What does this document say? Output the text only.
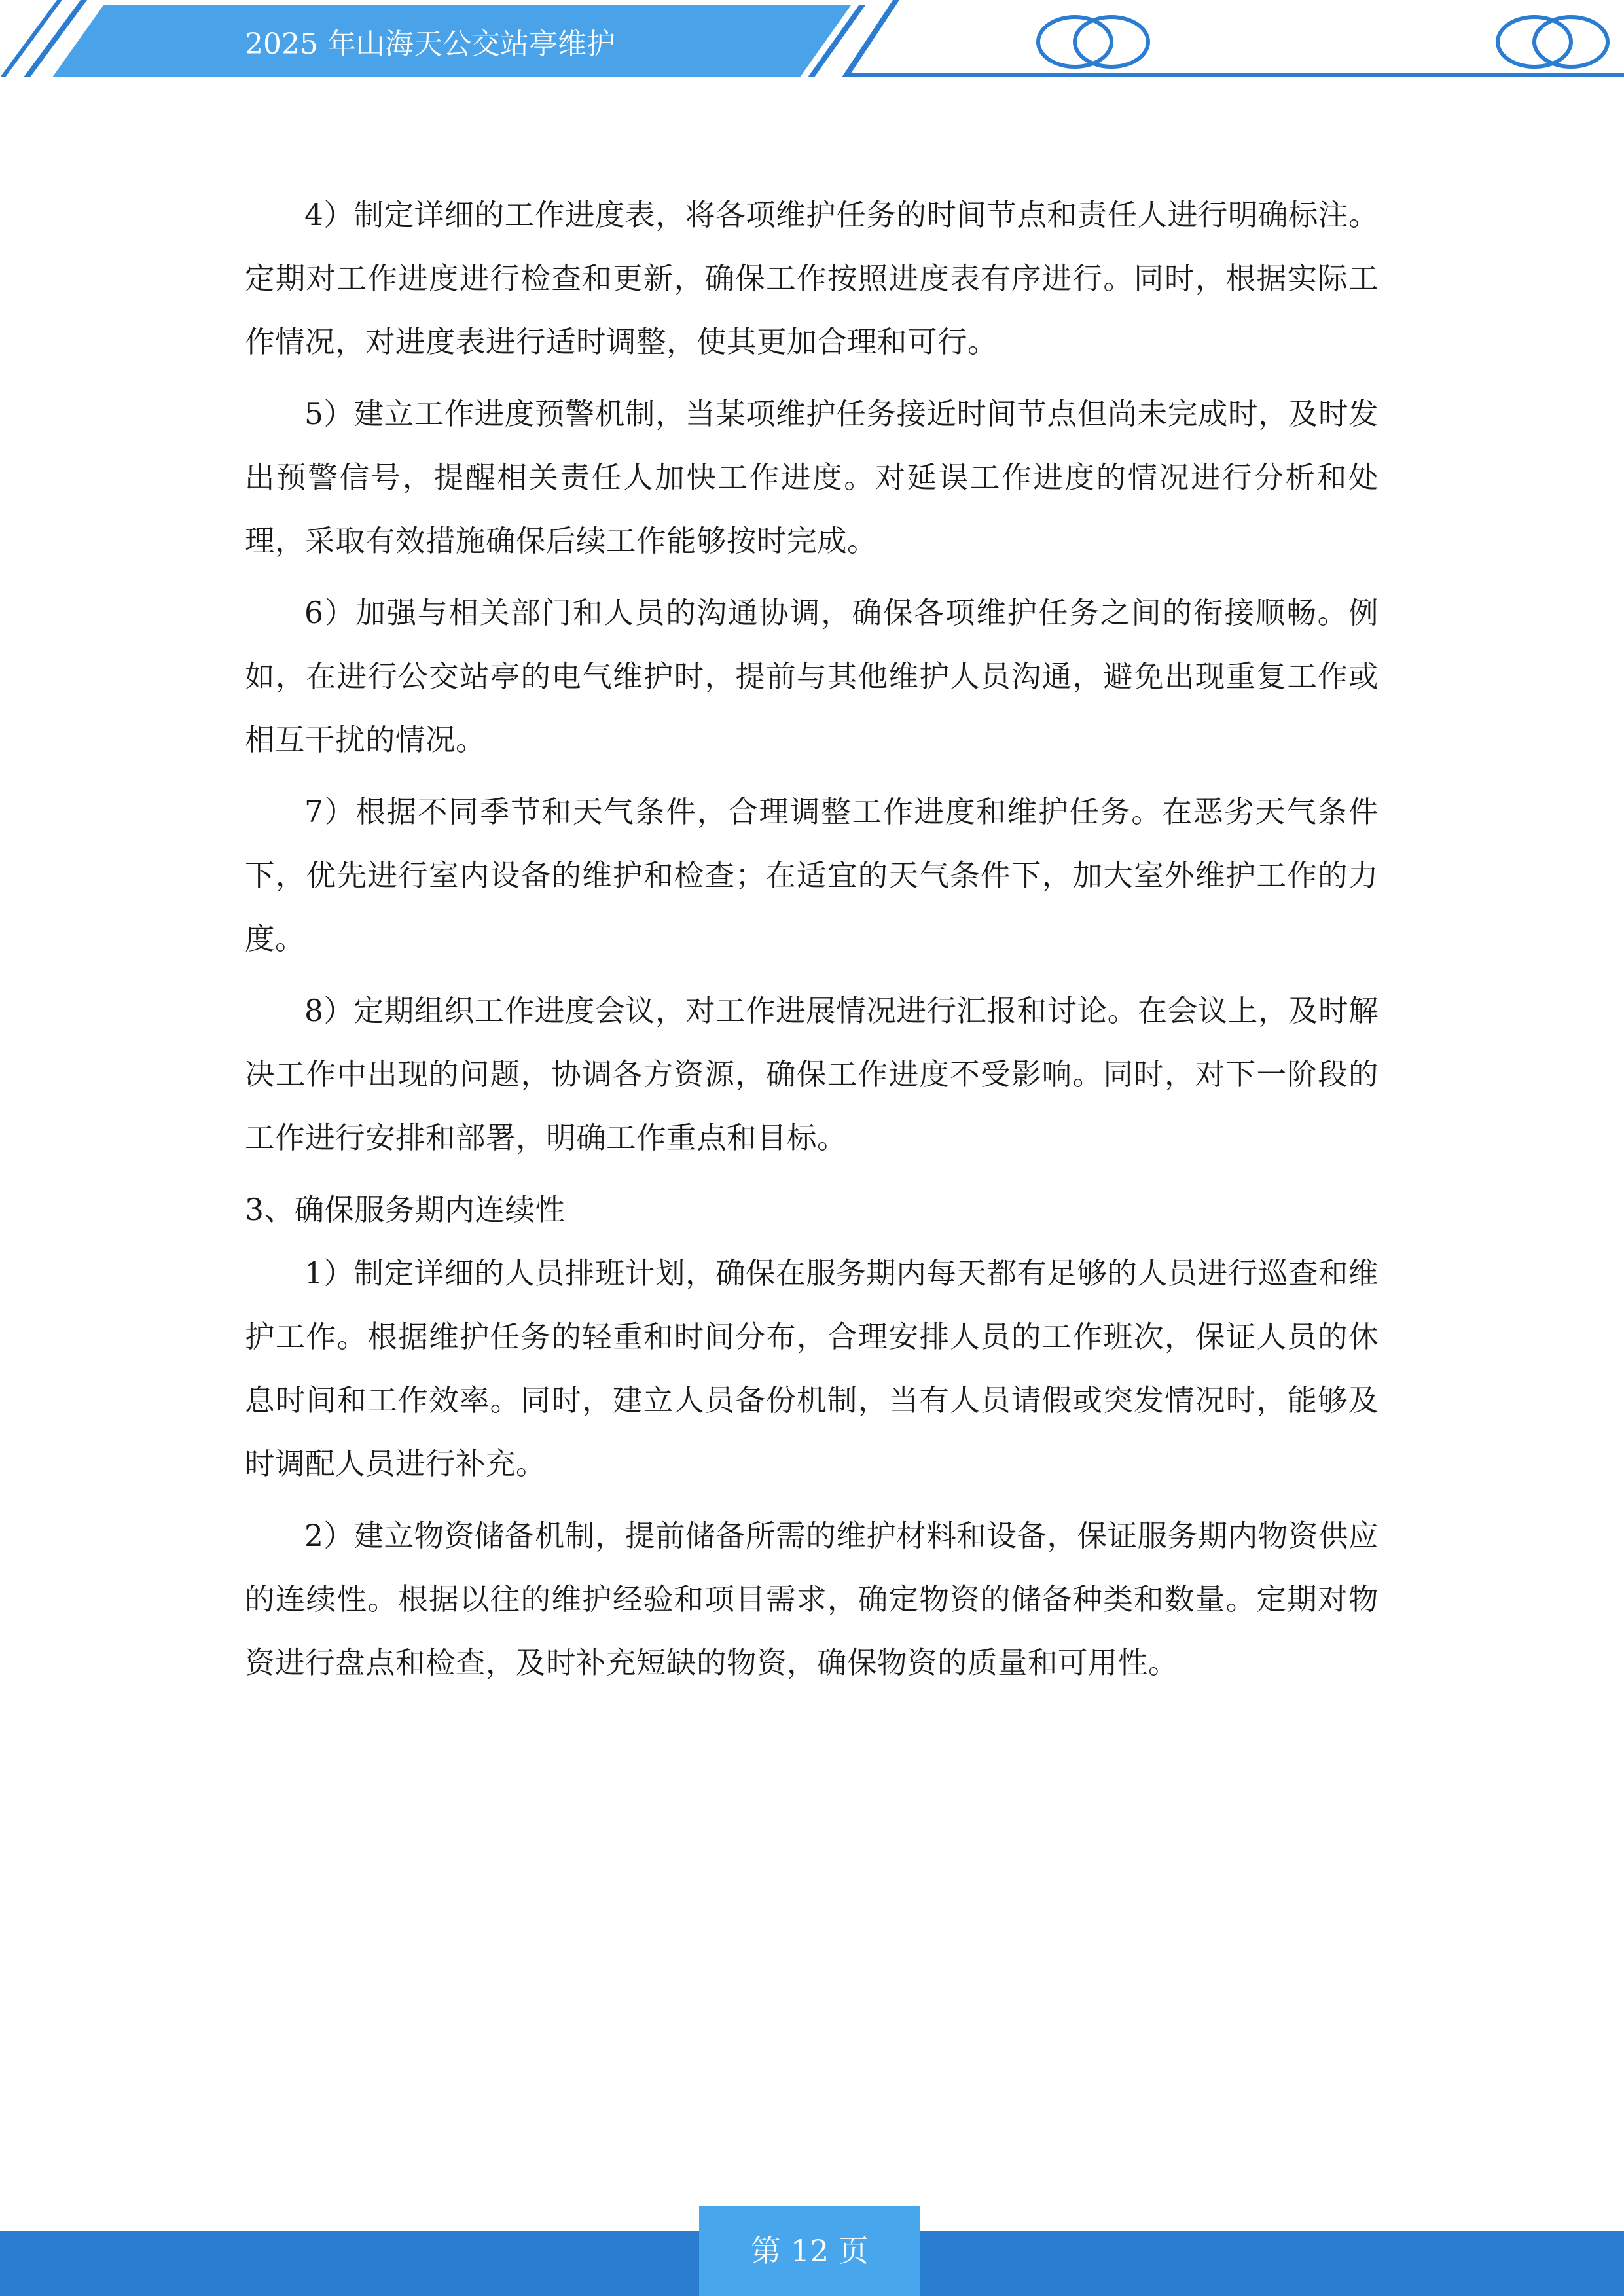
2025 年山海天公交站亭维护

4）制定详细的工作进度表，将各项维护任务的时间节点和责任人进行明确标注。定期对工作进度进行检查和更新，确保工作按照进度表有序进行。同时，根据实际工作情况，对进度表进行适时调整，使其更加合理和可行。

5）建立工作进度预警机制，当某项维护任务接近时间节点但尚未完成时，及时发出预警信号，提醒相关责任人加快工作进度。对延误工作进度的情况进行分析和处理，采取有效措施确保后续工作能够按时完成。

6）加强与相关部门和人员的沟通协调，确保各项维护任务之间的衔接顺畅。例如，在进行公交站亭的电气维护时，提前与其他维护人员沟通，避免出现重复工作或相互干扰的情况。

7）根据不同季节和天气条件，合理调整工作进度和维护任务。在恶劣天气条件下，优先进行室内设备的维护和检查；在适宜的天气条件下，加大室外维护工作的力度。

8）定期组织工作进度会议，对工作进展情况进行汇报和讨论。在会议上，及时解决工作中出现的问题，协调各方资源，确保工作进度不受影响。同时，对下一阶段的工作进行安排和部署，明确工作重点和目标。

3、确保服务期内连续性

1）制定详细的人员排班计划，确保在服务期内每天都有足够的人员进行巡查和维护工作。根据维护任务的轻重和时间分布，合理安排人员的工作班次，保证人员的休息时间和工作效率。同时，建立人员备份机制，当有人员请假或突发情况时，能够及时调配人员进行补充。

2）建立物资储备机制，提前储备所需的维护材料和设备，保证服务期内物资供应的连续性。根据以往的维护经验和项目需求，确定物资的储备种类和数量。定期对物资进行盘点和检查，及时补充短缺的物资，确保物资的质量和可用性。

第 12 页
